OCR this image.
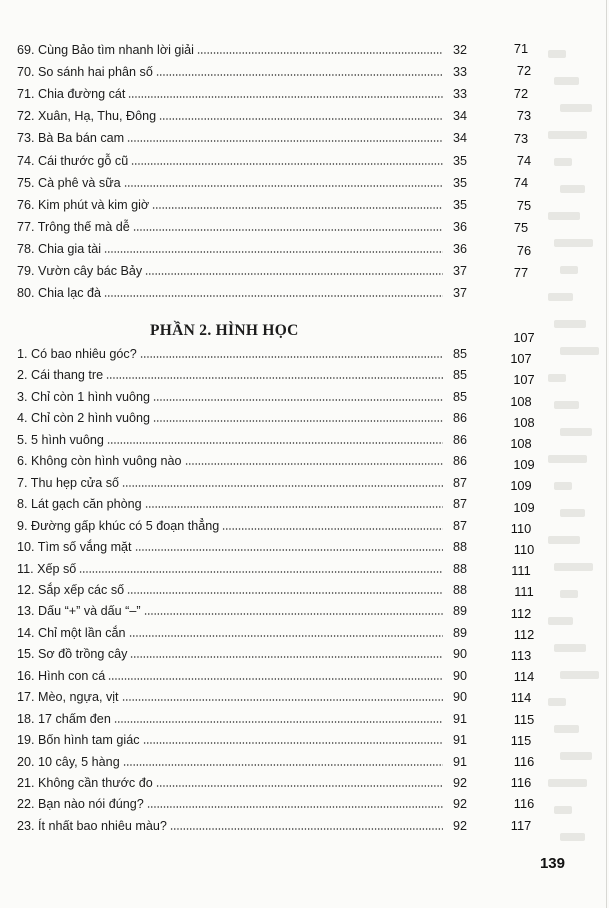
69. Cùng Bảo tìm nhanh lời giải	32
70. So sánh hai phân số	33
71. Chia đường cát	33
72. Xuân, Hạ, Thu, Đông	34
73. Bà Ba bán cam	34
74. Cái thước gỗ cũ	35
75. Cà phê và sữa	35
76. Kim phút và kim giờ	35
77. Trông thế mà dễ	36
78. Chia gia tài	36
79. Vườn cây bác Bảy	37
80. Chia lạc đà	37
1. Có bao nhiêu góc?	85
2. Cái thang tre	85
3. Chỉ còn 1 hình vuông	85
4. Chỉ còn 2 hình vuông	86
5. 5 hình vuông	86
6. Không còn hình vuông nào	86
7. Thu hẹp cửa số	87
8. Lát gạch căn phòng	87
9. Đường gấp khúc có 5 đoạn thẳng	87
10. Tìm số vắng mặt	88
11. Xếp số	88
12. Sắp xếp các số	88
13. Dấu “+” và dấu “–”	89
14. Chỉ một lần cắn	89
15. Sơ đồ trồng cây	90
16. Hình con cá	90
17. Mèo, ngựa, vịt	90
18. 17 chấm đen	91
19. Bốn hình tam giác	91
20. 10 cây, 5 hàng	91
21. Không cần thước đo	92
22. Bạn nào nói đúng?	92
23. Ít nhất bao nhiêu màu?	92
PHẦN 2. HÌNH HỌC
71
72
72
73
73
74
74
75
75
76
77
107
107
107
108
108
108
109
109
109
110
110
111
111
112
112
113
114
114
115
115
116
116
116
117
139
